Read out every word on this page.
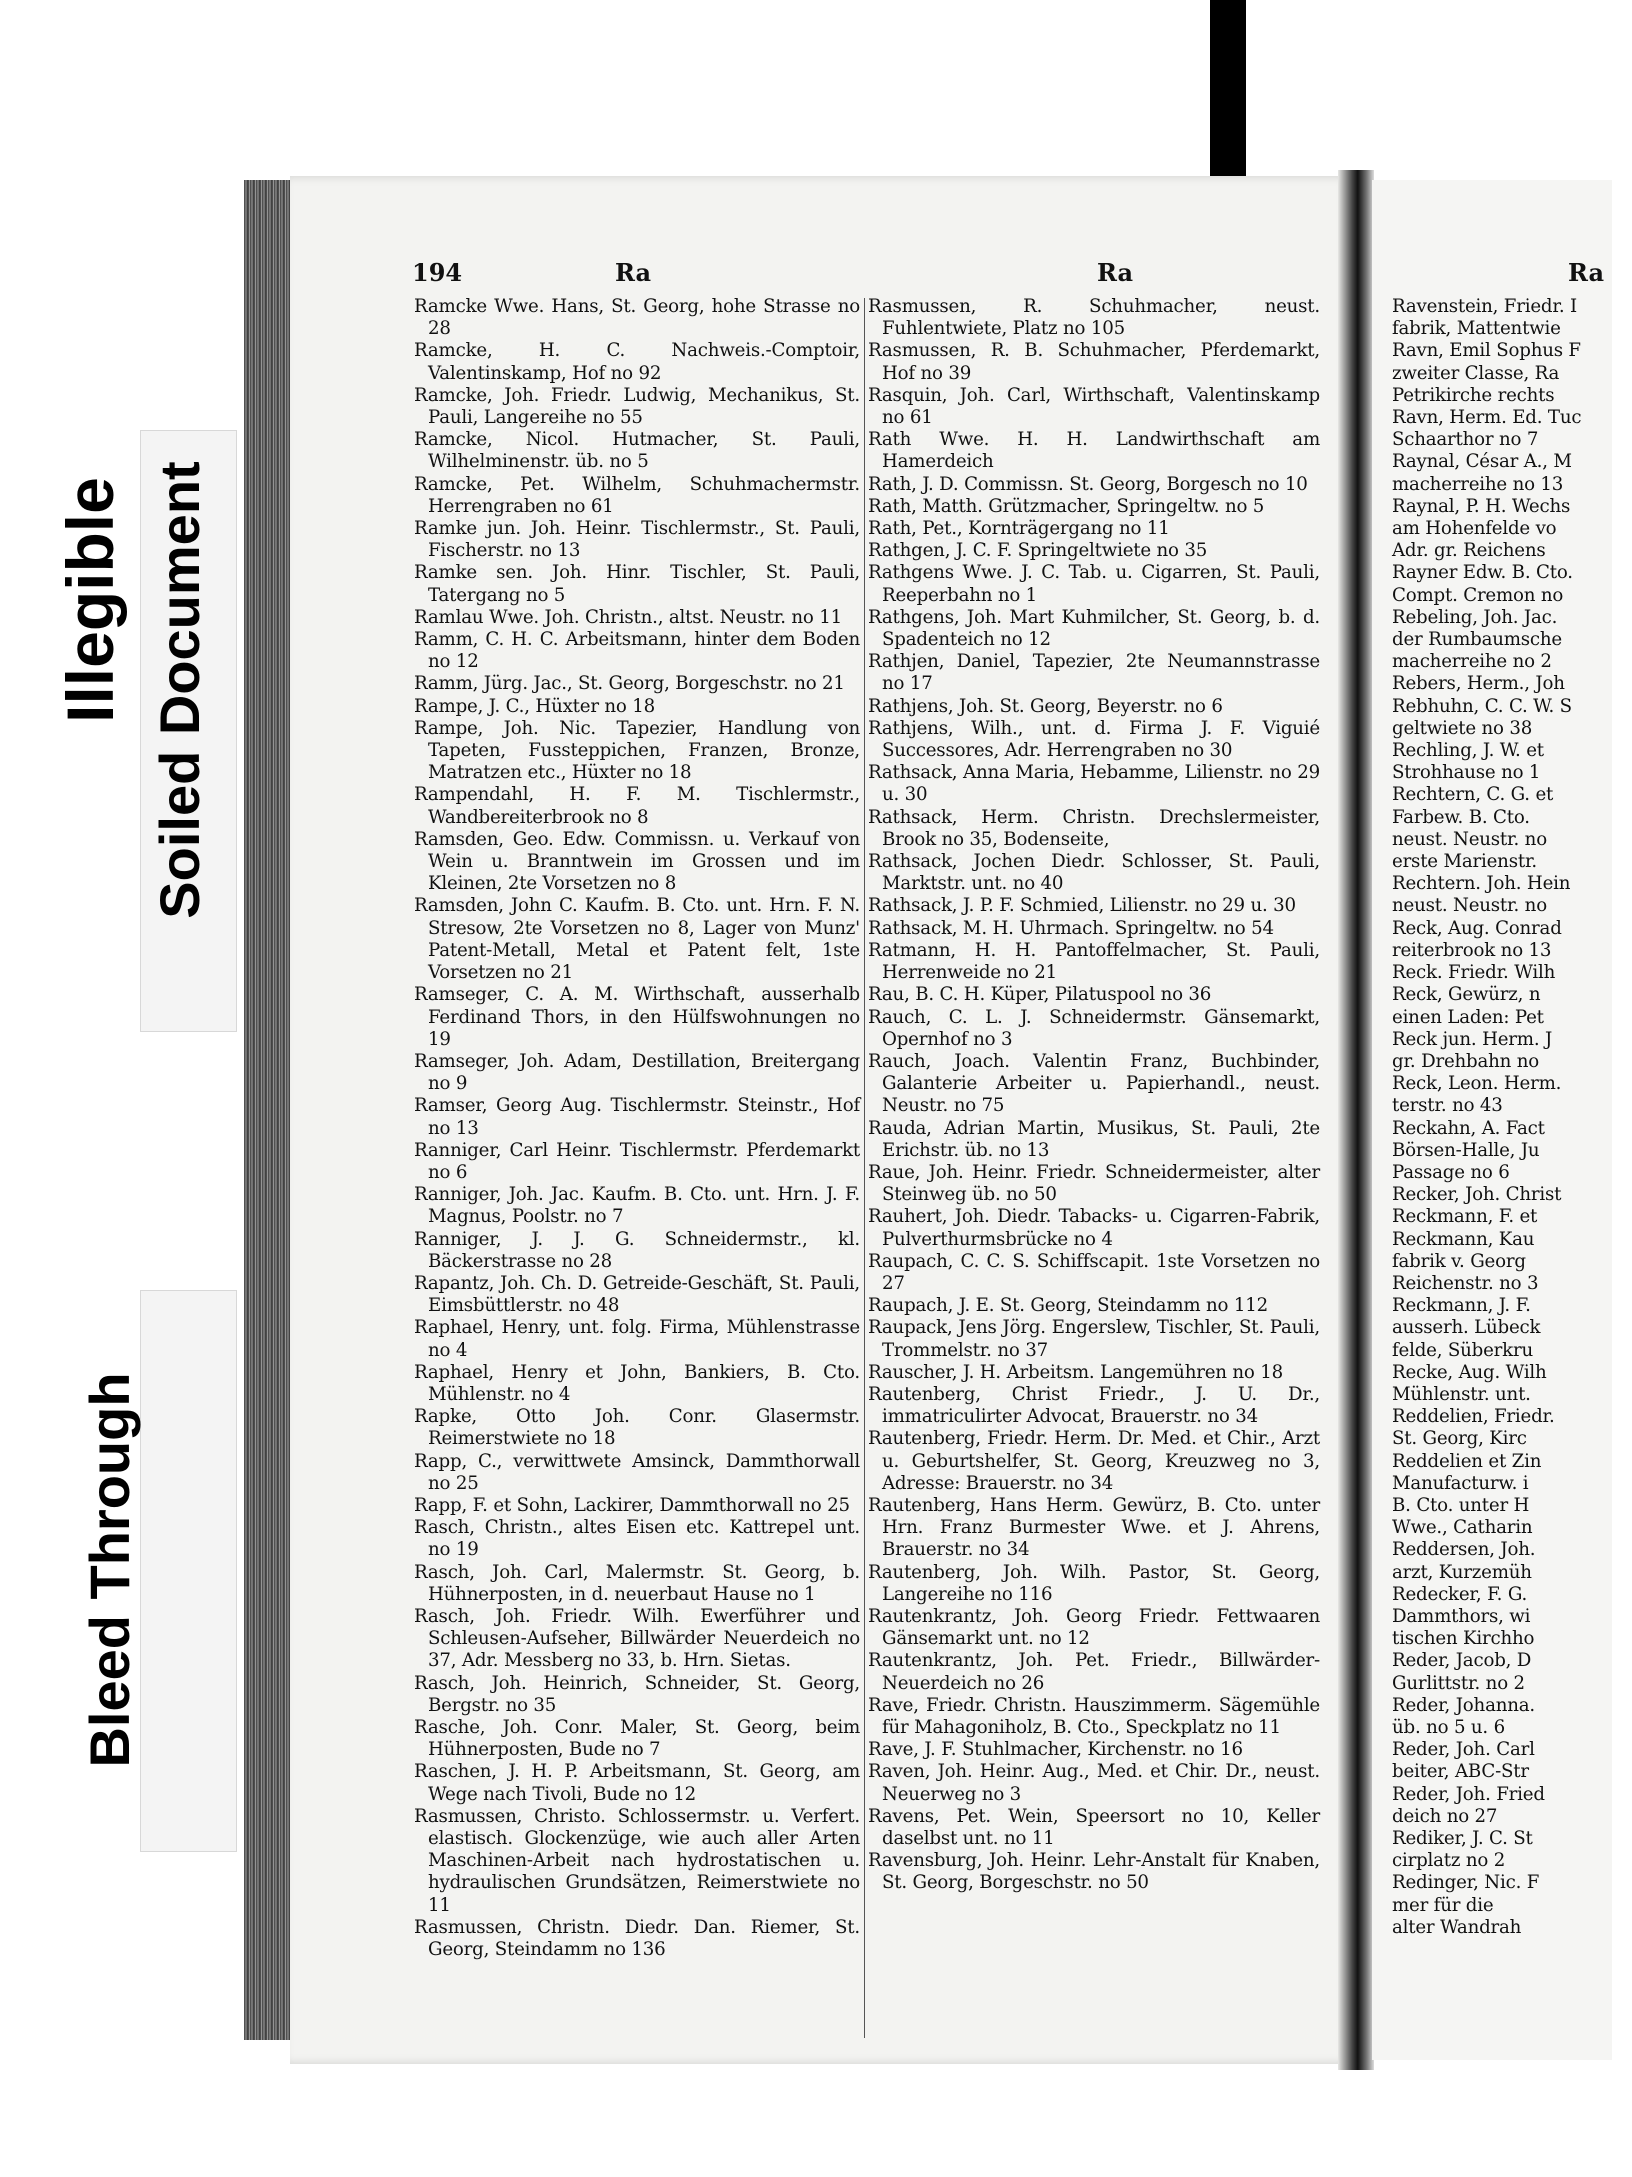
Illegible Soiled Document
Bleed Through
194	Ra	Ra	Ra

Ramcke Wwe. Hans, St. Georg, hohe Strasse no 28

Ramcke, H. C. Nachweis.-Comptoir, Valentinskamp, Hof no 92

Ramcke, Joh. Friedr. Ludwig, Mechanikus, St. Pauli, Langereihe no 55

Ramcke, Nicol. Hutmacher, St. Pauli, Wilhelminenstr. üb. no 5

Ramcke, Pet. Wilhelm, Schuhmachermstr. Herrengraben no 61

Ramke jun. Joh. Heinr. Tischlermstr., St. Pauli, Fischerstr. no 13

Ramke sen. Joh. Hinr. Tischler, St. Pauli, Tatergang no 5

Ramlau Wwe. Joh. Christn., altst. Neustr. no 11

Ramm, C. H. C. Arbeitsmann, hinter dem Boden no 12

Ramm, Jürg. Jac., St. Georg, Borgeschstr. no 21

Rampe, J. C., Hüxter no 18

Rampe, Joh. Nic. Tapezier, Handlung von Tapeten, Fussteppichen, Franzen, Bronze, Matratzen etc., Hüxter no 18

Rampendahl, H. F. M. Tischlermstr., Wandbereiterbrook no 8

Ramsden, Geo. Edw. Commissn. u. Verkauf von Wein u. Branntwein im Grossen und im Kleinen, 2te Vorsetzen no 8

Ramsden, John C. Kaufm. B. Cto. unt. Hrn. F. N. Stresow, 2te Vorsetzen no 8, Lager von Munz' Patent-Metall, Metal et Patent felt, 1ste Vorsetzen no 21

Ramseger, C. A. M. Wirthschaft, ausserhalb Ferdinand Thors, in den Hülfswohnungen no 19

Ramseger, Joh. Adam, Destillation, Breitergang no 9

Ramser, Georg Aug. Tischlermstr. Steinstr., Hof no 13

Ranniger, Carl Heinr. Tischlermstr. Pferdemarkt no 6

Ranniger, Joh. Jac. Kaufm. B. Cto. unt. Hrn. J. F. Magnus, Poolstr. no 7

Ranniger, J. J. G. Schneidermstr., kl. Bäckerstrasse no 28

Rapantz, Joh. Ch. D. Getreide-Geschäft, St. Pauli, Eimsbüttlerstr. no 48

Raphael, Henry, unt. folg. Firma, Mühlenstrasse no 4

Raphael, Henry et John, Bankiers, B. Cto. Mühlenstr. no 4

Rapke, Otto Joh. Conr. Glasermstr. Reimerstwiete no 18

Rapp, C., verwittwete Amsinck, Dammthorwall no 25

Rapp, F. et Sohn, Lackirer, Dammthorwall no 25

Rasch, Christn., altes Eisen etc. Kattrepel unt. no 19

Rasch, Joh. Carl, Malermstr. St. Georg, b. Hühnerposten, in d. neuerbaut Hause no 1

Rasch, Joh. Friedr. Wilh. Ewerführer und Schleusen-Aufseher, Billwärder Neuerdeich no 37, Adr. Messberg no 33, b. Hrn. Sietas.

Rasch, Joh. Heinrich, Schneider, St. Georg, Bergstr. no 35

Rasche, Joh. Conr. Maler, St. Georg, beim Hühnerposten, Bude no 7

Raschen, J. H. P. Arbeitsmann, St. Georg, am Wege nach Tivoli, Bude no 12

Rasmussen, Christo. Schlossermstr. u. Verfert. elastisch. Glockenzüge, wie auch aller Arten Maschinen-Arbeit nach hydrostatischen u. hydraulischen Grundsätzen, Reimerstwiete no 11

Rasmussen, Christn. Diedr. Dan. Riemer, St. Georg, Steindamm no 136

Rasmussen, R. Schuhmacher, neust. Fuhlentwiete, Platz no 105

Rasmussen, R. B. Schuhmacher, Pferdemarkt, Hof no 39

Rasquin, Joh. Carl, Wirthschaft, Valentinskamp no 61

Rath Wwe. H. H. Landwirthschaft am Hamerdeich

Rath, J. D. Commissn. St. Georg, Borgesch no 10

Rath, Matth. Grützmacher, Springeltw. no 5

Rath, Pet., Kornträgergang no 11

Rathgen, J. C. F. Springeltwiete no 35

Rathgens Wwe. J. C. Tab. u. Cigarren, St. Pauli, Reeperbahn no 1

Rathgens, Joh. Mart Kuhmilcher, St. Georg, b. d. Spadenteich no 12

Rathjen, Daniel, Tapezier, 2te Neumannstrasse no 17

Rathjens, Joh. St. Georg, Beyerstr. no 6

Rathjens, Wilh., unt. d. Firma J. F. Viguié Successores, Adr. Herrengraben no 30

Rathsack, Anna Maria, Hebamme, Lilienstr. no 29 u. 30

Rathsack, Herm. Christn. Drechslermeister, Brook no 35, Bodenseite,

Rathsack, Jochen Diedr. Schlosser, St. Pauli, Marktstr. unt. no 40

Rathsack, J. P. F. Schmied, Lilienstr. no 29 u. 30

Rathsack, M. H. Uhrmach. Springeltw. no 54

Ratmann, H. H. Pantoffelmacher, St. Pauli, Herrenweide no 21

Rau, B. C. H. Küper, Pilatuspool no 36

Rauch, C. L. J. Schneidermstr. Gänsemarkt, Opernhof no 3

Rauch, Joach. Valentin Franz, Buchbinder, Galanterie Arbeiter u. Papierhandl., neust. Neustr. no 75

Rauda, Adrian Martin, Musikus, St. Pauli, 2te Erichstr. üb. no 13

Raue, Joh. Heinr. Friedr. Schneidermeister, alter Steinweg üb. no 50

Rauhert, Joh. Diedr. Tabacks- u. Cigarren-Fabrik, Pulverthurmsbrücke no 4

Raupach, C. C. S. Schiffscapit. 1ste Vorsetzen no 27

Raupach, J. E. St. Georg, Steindamm no 112

Raupack, Jens Jörg. Engerslew, Tischler, St. Pauli, Trommelstr. no 37

Rauscher, J. H. Arbeitsm. Langemühren no 18

Rautenberg, Christ Friedr., J. U. Dr., immatriculirter Advocat, Brauerstr. no 34

Rautenberg, Friedr. Herm. Dr. Med. et Chir., Arzt u. Geburtshelfer, St. Georg, Kreuzweg no 3, Adresse: Brauerstr. no 34

Rautenberg, Hans Herm. Gewürz, B. Cto. unter Hrn. Franz Burmester Wwe. et J. Ahrens, Brauerstr. no 34

Rautenberg, Joh. Wilh. Pastor, St. Georg, Langereihe no 116

Rautenkrantz, Joh. Georg Friedr. Fettwaaren Gänsemarkt unt. no 12

Rautenkrantz, Joh. Pet. Friedr., Billwärder-Neuerdeich no 26

Rave, Friedr. Christn. Hauszimmerm. Sägemühle für Mahagoniholz, B. Cto., Speckplatz no 11

Rave, J. F. Stuhlmacher, Kirchenstr. no 16

Raven, Joh. Heinr. Aug., Med. et Chir. Dr., neust. Neuerweg no 3

Ravens, Pet. Wein, Speersort no 10, Keller daselbst unt. no 11

Ravensburg, Joh. Heinr. Lehr-Anstalt für Knaben, St. Georg, Borgeschstr. no 50

Ravenstein, Friedr. I

fabrik, Mattentwie

Ravn, Emil Sophus F

zweiter Classe, Ra

Petrikirche rechts

Ravn, Herm. Ed. Tuc

Schaarthor no 7

Raynal, César A., M

macherreihe no 13

Raynal, P. H. Wechs

am Hohenfelde vo

Adr. gr. Reichens

Rayner Edw. B. Cto.

Compt. Cremon no

Rebeling, Joh. Jac.

der Rumbaumsche

macherreihe no 2

Rebers, Herm., Joh

Rebhuhn, C. C. W. S

geltwiete no 38

Rechling, J. W. et

Strohhause no 1

Rechtern, C. G. et

Farbew. B. Cto.

neust. Neustr. no

erste Marienstr.

Rechtern. Joh. Hein

neust. Neustr. no

Reck, Aug. Conrad

reiterbrook no 13

Reck. Friedr. Wilh

Reck, Gewürz, n

einen Laden: Pet

Reck jun. Herm. J

gr. Drehbahn no

Reck, Leon. Herm.

terstr. no 43

Reckahn, A. Fact

Börsen-Halle, Ju

Passage no 6

Recker, Joh. Christ

Reckmann, F. et

Reckmann, Kau

fabrik v. Georg

Reichenstr. no 3

Reckmann, J. F.

ausserh. Lübeck

felde, Süberkru

Recke, Aug. Wilh

Mühlenstr. unt.

Reddelien, Friedr.

St. Georg, Kirc

Reddelien et Zin

Manufacturw. i

B. Cto. unter H

Wwe., Catharin

Reddersen, Joh.

arzt, Kurzemüh

Redecker, F. G.

Dammthors, wi

tischen Kirchho

Reder, Jacob, D

Gurlittstr. no 2

Reder, Johanna.

üb. no 5 u. 6

Reder, Joh. Carl

beiter, ABC-Str

Reder, Joh. Fried

deich no 27

Rediker, J. C. St

cirplatz no 2

Redinger, Nic. F

mer für die

alter Wandrah
